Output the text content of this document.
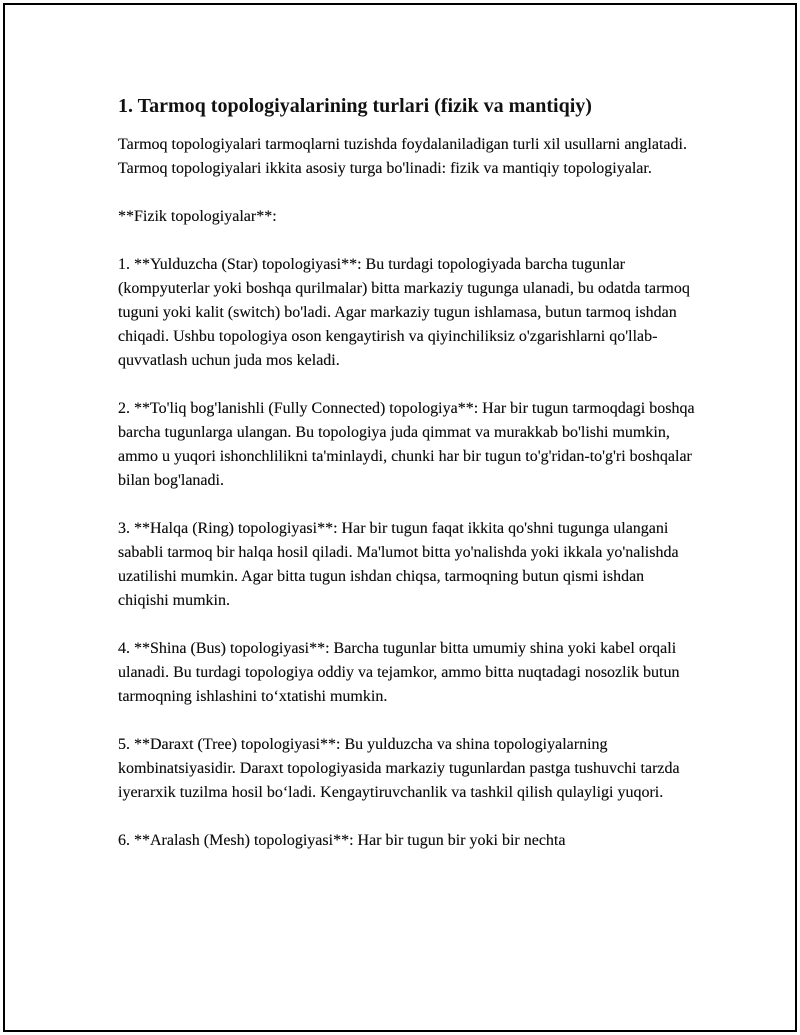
1. Tarmoq topologiyalarining turlari (fizik va mantiqiy)

Tarmoq topologiyalari tarmoqlarni tuzishda foydalaniladigan turli xil usullarni anglatadi. Tarmoq topologiyalari ikkita asosiy turga bo'linadi: fizik va mantiqiy topologiyalar.

**Fizik topologiyalar**:

1. **Yulduzcha (Star) topologiyasi**: Bu turdagi topologiyada barcha tugunlar (kompyuterlar yoki boshqa qurilmalar) bitta markaziy tugunga ulanadi, bu odatda tarmoq tuguni yoki kalit (switch) bo'ladi. Agar markaziy tugun ishlamasa, butun tarmoq ishdan chiqadi. Ushbu topologiya oson kengaytirish va qiyinchiliksiz o'zgarishlarni qo'llab-quvvatlash uchun juda mos keladi.

2. **To'liq bog'lanishli (Fully Connected) topologiya**: Har bir tugun tarmoqdagi boshqa barcha tugunlarga ulangan. Bu topologiya juda qimmat va murakkab bo'lishi mumkin, ammo u yuqori ishonchlilikni ta'minlaydi, chunki har bir tugun to'g'ridan-to'g'ri boshqalar bilan bog'lanadi.

3. **Halqa (Ring) topologiyasi**: Har bir tugun faqat ikkita qo'shni tugunga ulangani sababli tarmoq bir halqa hosil qiladi. Ma'lumot bitta yo'nalishda yoki ikkala yo'nalishda uzatilishi mumkin. Agar bitta tugun ishdan chiqsa, tarmoqning butun qismi ishdan chiqishi mumkin.

4. **Shina (Bus) topologiyasi**: Barcha tugunlar bitta umumiy shina yoki kabel orqali ulanadi. Bu turdagi topologiya oddiy va tejamkor, ammo bitta nuqtadagi nosozlik butun tarmoqning ishlashini to‘xtatishi mumkin.

5. **Daraxt (Tree) topologiyasi**: Bu yulduzcha va shina topologiyalarning kombinatsiyasidir. Daraxt topologiyasida markaziy tugunlardan pastga tushuvchi tarzda iyerarxik tuzilma hosil bo‘ladi. Kengaytiruvchanlik va tashkil qilish qulayligi yuqori.

6. **Aralash (Mesh) topologiyasi**: Har bir tugun bir yoki bir nechta
